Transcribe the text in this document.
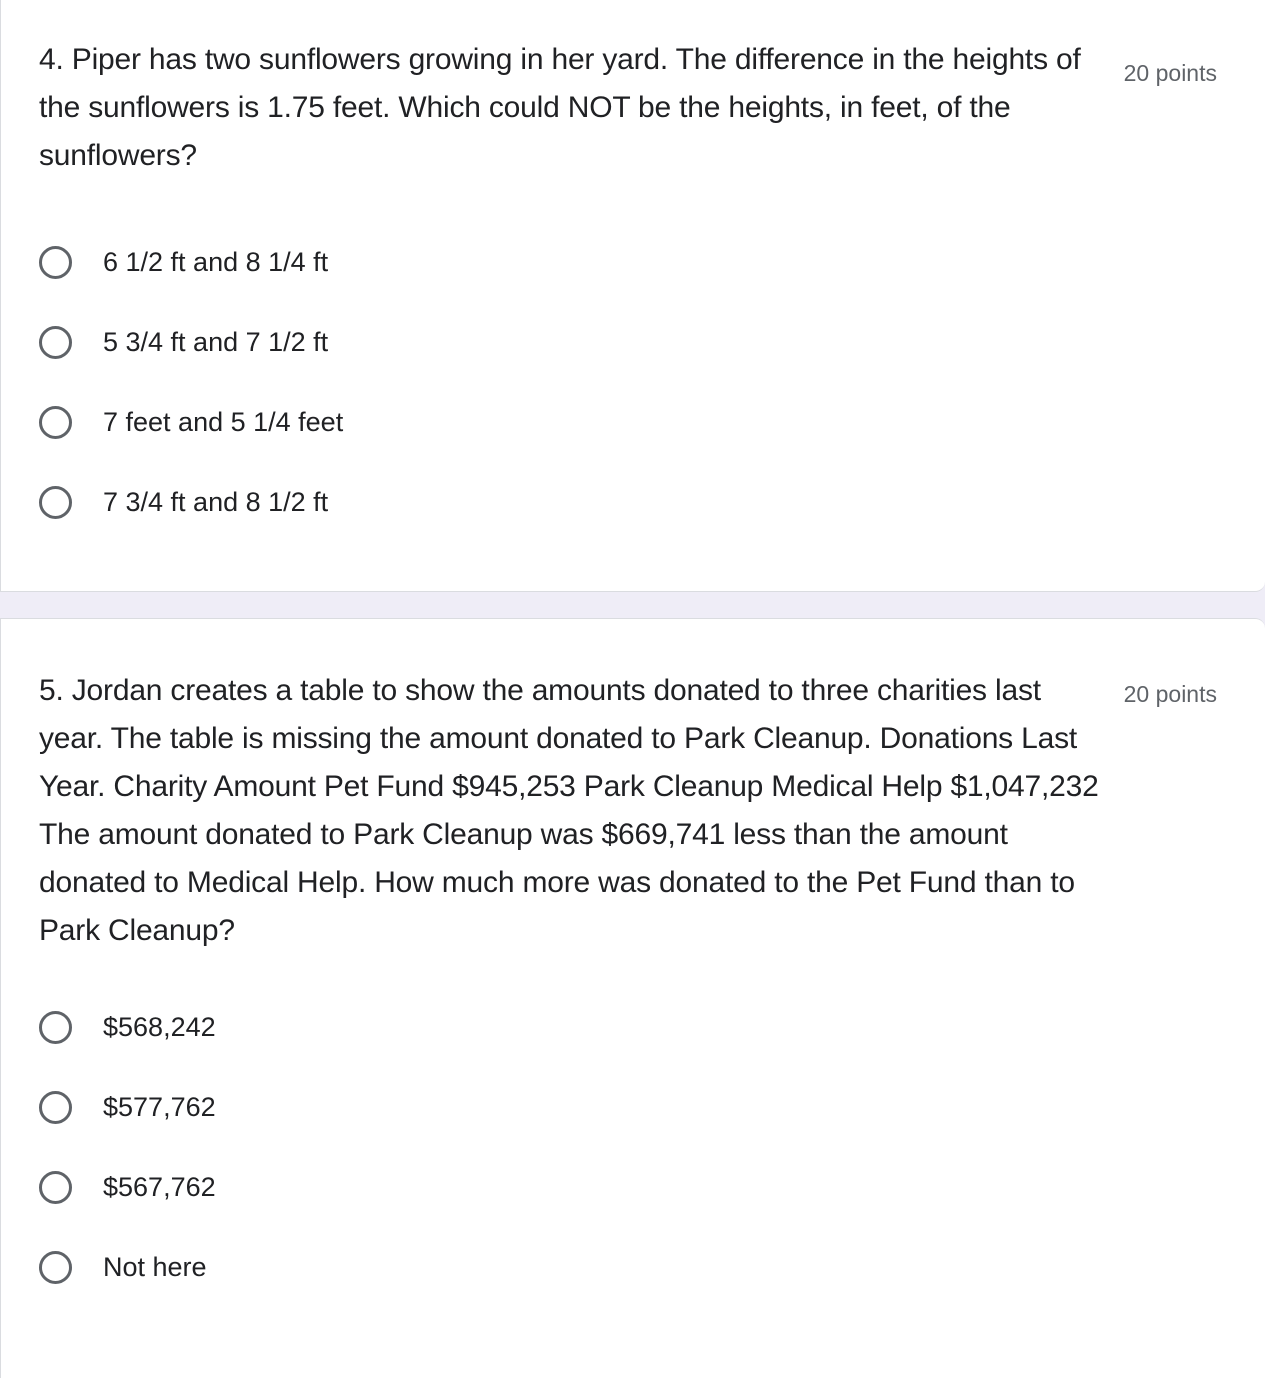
4. Piper has two sunflowers growing in her yard. The difference in the heights of the sunflowers is 1.75 feet. Which could NOT be the heights, in feet, of the sunflowers?

20 points
6 1/2 ft and 8 1/4 ft
5 3/4 ft and 7 1/2 ft
7 feet and 5 1/4 feet
7 3/4 ft and 8 1/2 ft

5. Jordan creates a table to show the amounts donated to three charities last year. The table is missing the amount donated to Park Cleanup. Donations Last Year. Charity Amount Pet Fund $945,253 Park Cleanup Medical Help $1,047,232 The amount donated to Park Cleanup was $669,741 less than the amount donated to Medical Help. How much more was donated to the Pet Fund than to Park Cleanup?

20 points
$568,242
$577,762
$567,762
Not here
